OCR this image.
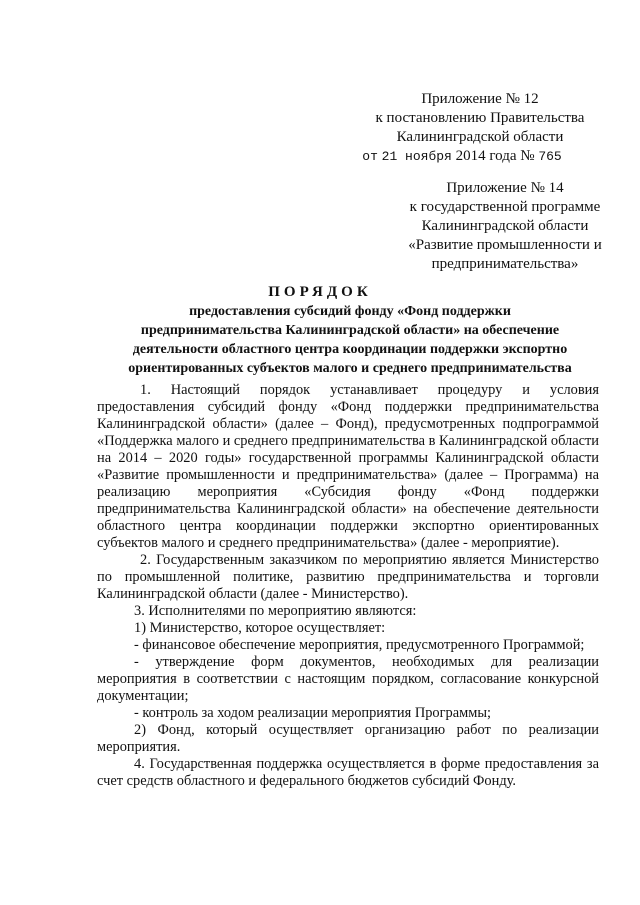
Приложение № 12
к постановлению Правительства
Калининградской области
от 21 ноября 2014 года № 765
Приложение № 14
к государственной программе
Калининградской области
«Развитие промышленности и
предпринимательства»
ПОРЯДОК
предоставления субсидий фонду «Фонд поддержки
предпринимательства Калининградской области» на обеспечение
деятельности областного центра координации поддержки экспортно
ориентированных субъектов малого и среднего предпринимательства

1. Настоящий порядок устанавливает процедуру и условия предоставления субсидий фонду «Фонд поддержки предпринимательства Калининградской области» (далее – Фонд), предусмотренных подпрограммой «Поддержка малого и среднего предпринимательства в Калининградской области на 2014 – 2020 годы» государственной программы Калининградской области «Развитие промышленности и предпринимательства» (далее – Программа) на реализацию мероприятия «Субсидия фонду «Фонд поддержки предпринимательства Калининградской области» на обеспечение деятельности областного центра координации поддержки экспортно ориентированных субъектов малого и среднего предпринимательства» (далее - мероприятие).

2. Государственным заказчиком по мероприятию является Министерство по промышленной политике, развитию предпринимательства и торговли Калининградской области (далее - Министерство).

3. Исполнителями по мероприятию являются:

1) Министерство, которое осуществляет:

- финансовое обеспечение мероприятия, предусмотренного Программой;

- утверждение форм документов, необходимых для реализации мероприятия в соответствии с настоящим порядком, согласование конкурсной документации;

- контроль за ходом реализации мероприятия Программы;

2) Фонд, который осуществляет организацию работ по реализации мероприятия.

4. Государственная поддержка осуществляется в форме предоставления за счет средств областного и федерального бюджетов субсидий Фонду.
